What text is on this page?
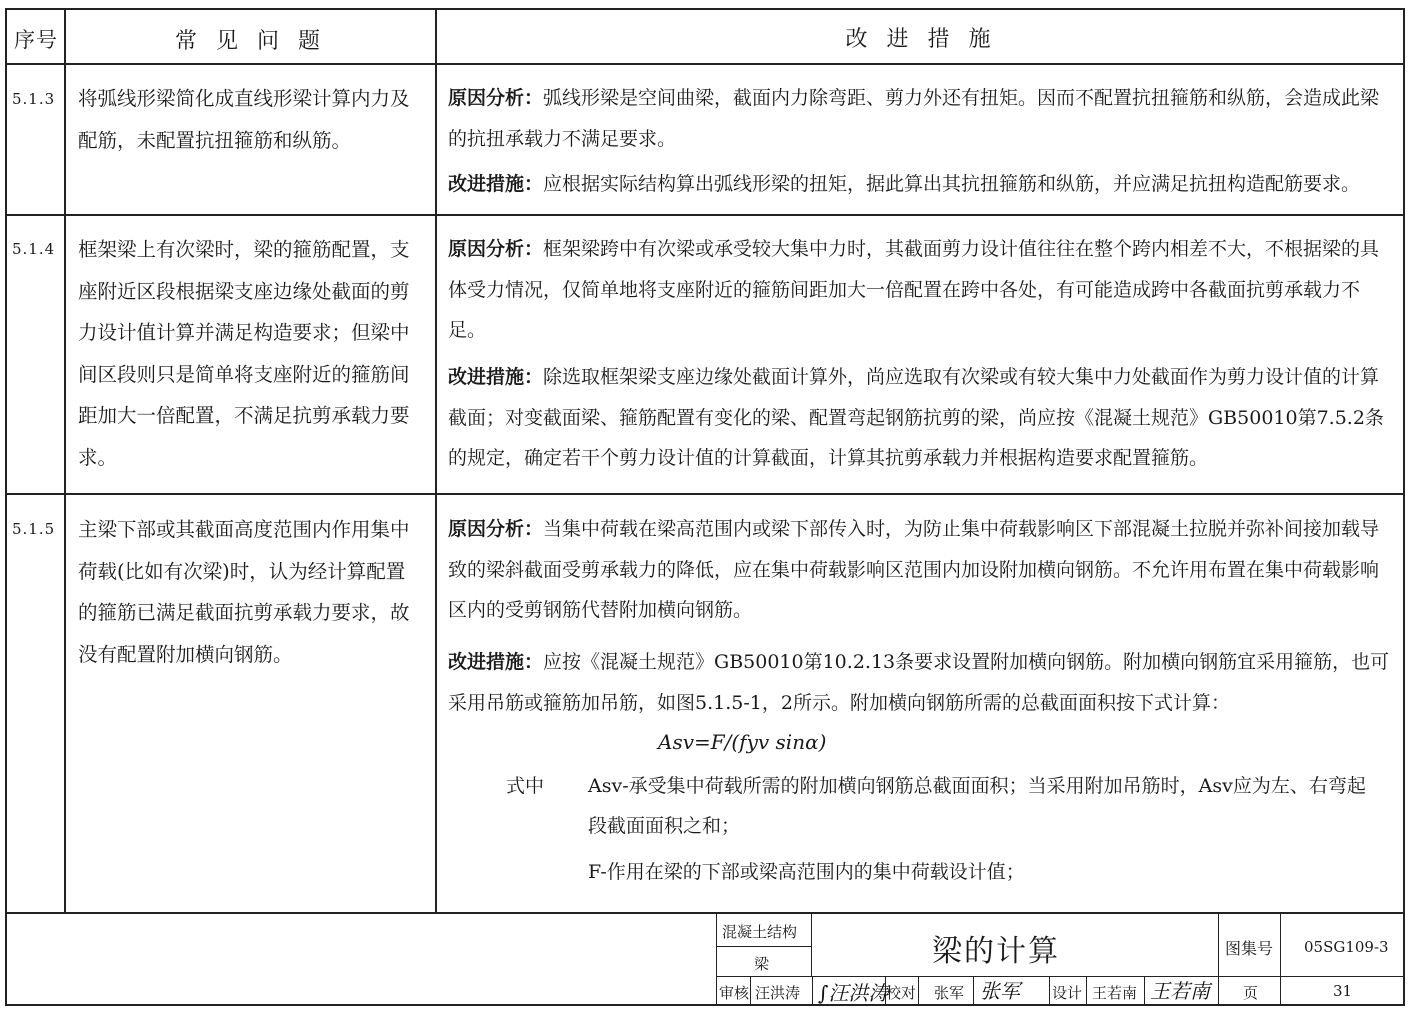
序号	常 见 问 题	改 进 措 施
5.1.3	将弧线形梁简化成直线形梁计算内力及配筋，未配置抗扭箍筋和纵筋。
原因分析：弧线形梁是空间曲梁，截面内力除弯距、剪力外还有扭矩。因而不配置抗扭箍筋和纵筋，会造成此梁的抗扭承载力不满足要求。
改进措施：应根据实际结构算出弧线形梁的扭矩，据此算出其抗扭箍筋和纵筋，并应满足抗扭构造配筋要求。
5.1.4	框架梁上有次梁时，梁的箍筋配置，支座附近区段根据梁支座边缘处截面的剪力设计值计算并满足构造要求；但梁中间区段则只是简单将支座附近的箍筋间距加大一倍配置，不满足抗剪承载力要求。
原因分析：框架梁跨中有次梁或承受较大集中力时，其截面剪力设计值往往在整个跨内相差不大，不根据梁的具体受力情况，仅简单地将支座附近的箍筋间距加大一倍配置在跨中各处，有可能造成跨中各截面抗剪承载力不足。
改进措施：除选取框架梁支座边缘处截面计算外，尚应选取有次梁或有较大集中力处截面作为剪力设计值的计算截面；对变截面梁、箍筋配置有变化的梁、配置弯起钢筋抗剪的梁，尚应按《混凝土规范》GB50010第7.5.2条的规定，确定若干个剪力设计值的计算截面，计算其抗剪承载力并根据构造要求配置箍筋。
5.1.5	主梁下部或其截面高度范围内作用集中荷载(比如有次梁)时，认为经计算配置的箍筋已满足截面抗剪承载力要求，故没有配置附加横向钢筋。
原因分析：当集中荷载在梁高范围内或梁下部传入时，为防止集中荷载影响区下部混凝土拉脱并弥补间接加载导致的梁斜截面受剪承载力的降低，应在集中荷载影响区范围内加设附加横向钢筋。不允许用布置在集中荷载影响区内的受剪钢筋代替附加横向钢筋。
改进措施：应按《混凝土规范》GB50010第10.2.13条要求设置附加横向钢筋。附加横向钢筋宜采用箍筋，也可采用吊筋或箍筋加吊筋，如图5.1.5-1，2所示。附加横向钢筋所需的总截面面积按下式计算：
Asv=F/(fyv sinα)
式中 Asv-承受集中荷载所需的附加横向钢筋总截面面积；当采用附加吊筋时，Asv应为左、右弯起段截面面积之和；
F-作用在梁的下部或梁高范围内的集中荷载设计值；
混凝土结构
梁	梁的计算	图集号 05SG109-3
审核 汪洪涛 ∫汪洪涛
校对 张军 张军 设计 王若南 王若南 页	31
